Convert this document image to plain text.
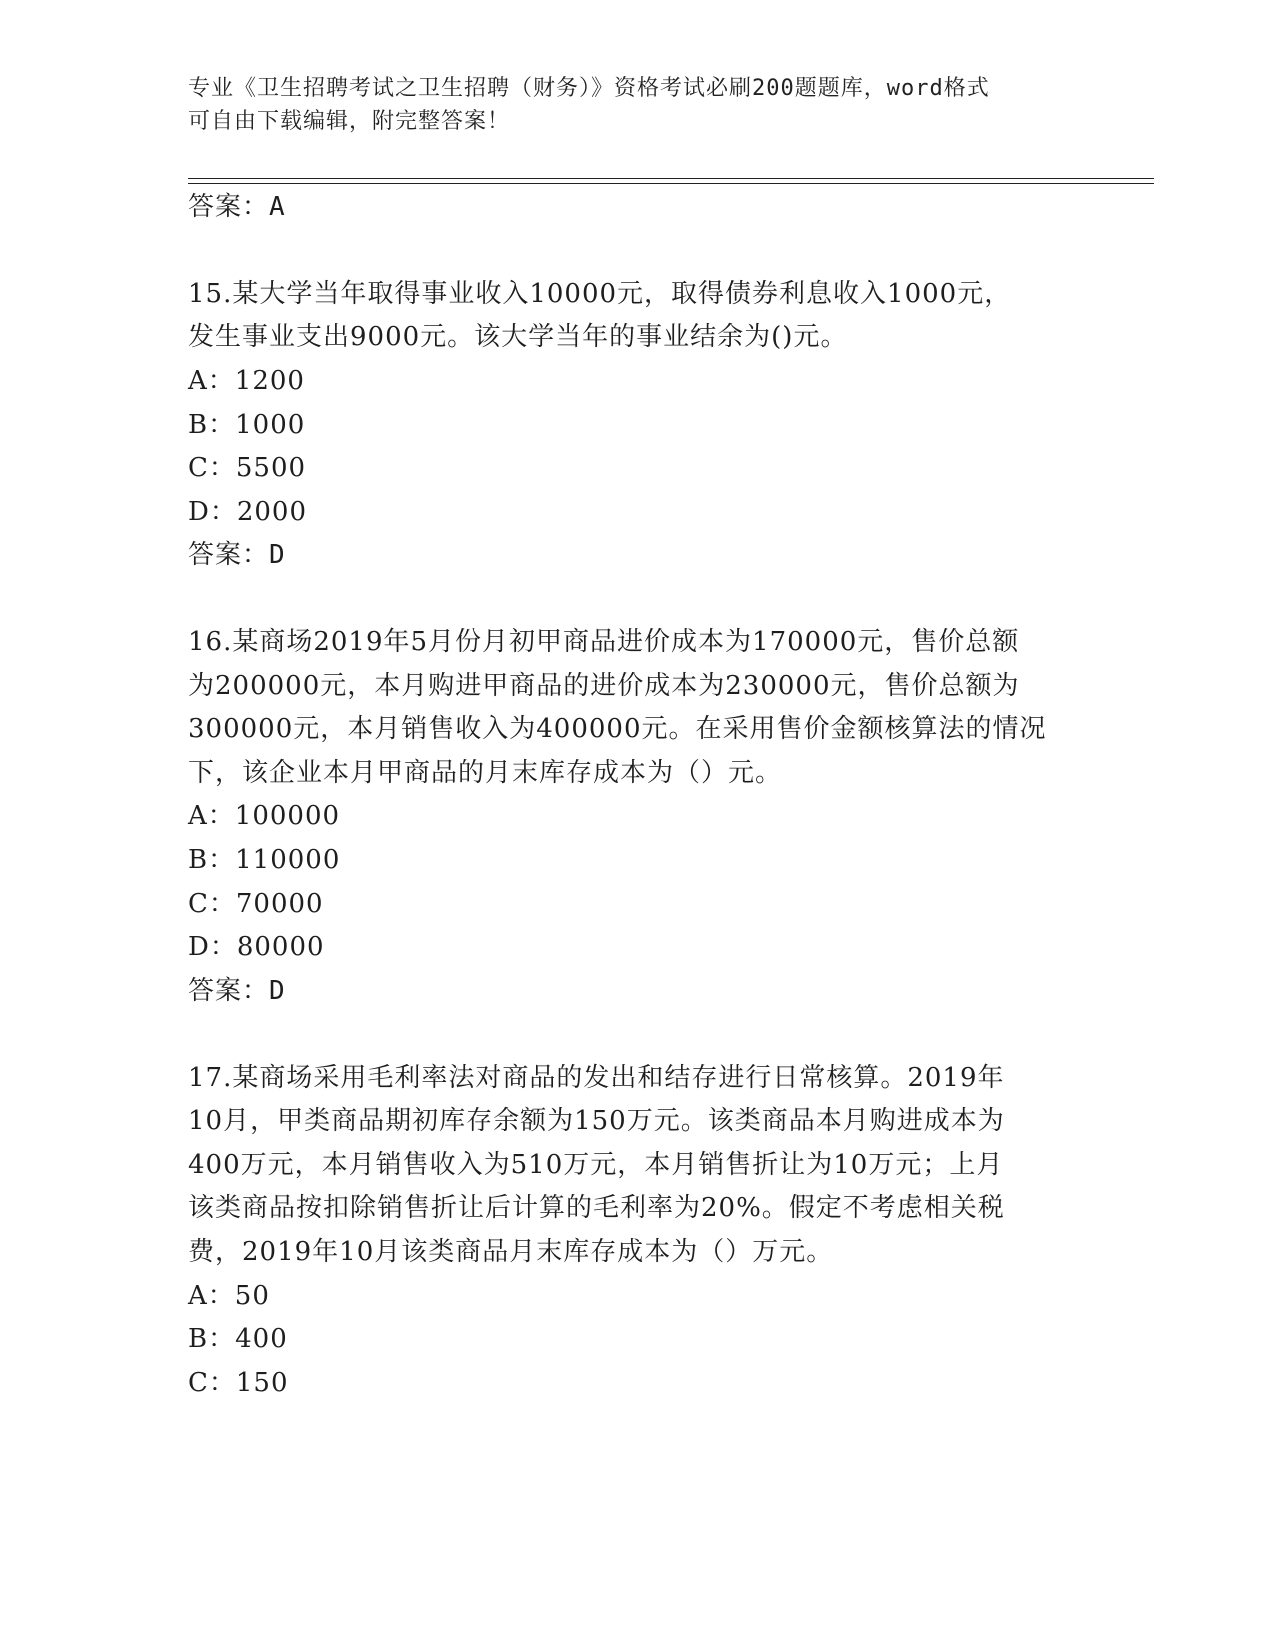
专业《卫生招聘考试之卫生招聘（财务）》资格考试必刷200题题库，word格式
可自由下载编辑，附完整答案！
答案：A
15.某大学当年取得事业收入10000元，取得债券利息收入1000元，
发生事业支出9000元。该大学当年的事业结余为()元。
A：1200
B：1000
C：5500
D：2000
答案：D
16.某商场2019年5月份月初甲商品进价成本为170000元，售价总额
为200000元，本月购进甲商品的进价成本为230000元，售价总额为
300000元，本月销售收入为400000元。在采用售价金额核算法的情况
下，该企业本月甲商品的月末库存成本为（）元。
A：100000
B：110000
C：70000
D：80000
答案：D
17.某商场采用毛利率法对商品的发出和结存进行日常核算。2019年
10月，甲类商品期初库存余额为150万元。该类商品本月购进成本为
400万元，本月销售收入为510万元，本月销售折让为10万元；上月
该类商品按扣除销售折让后计算的毛利率为20%。假定不考虑相关税
费，2019年10月该类商品月末库存成本为（）万元。
A：50
B：400
C：150
